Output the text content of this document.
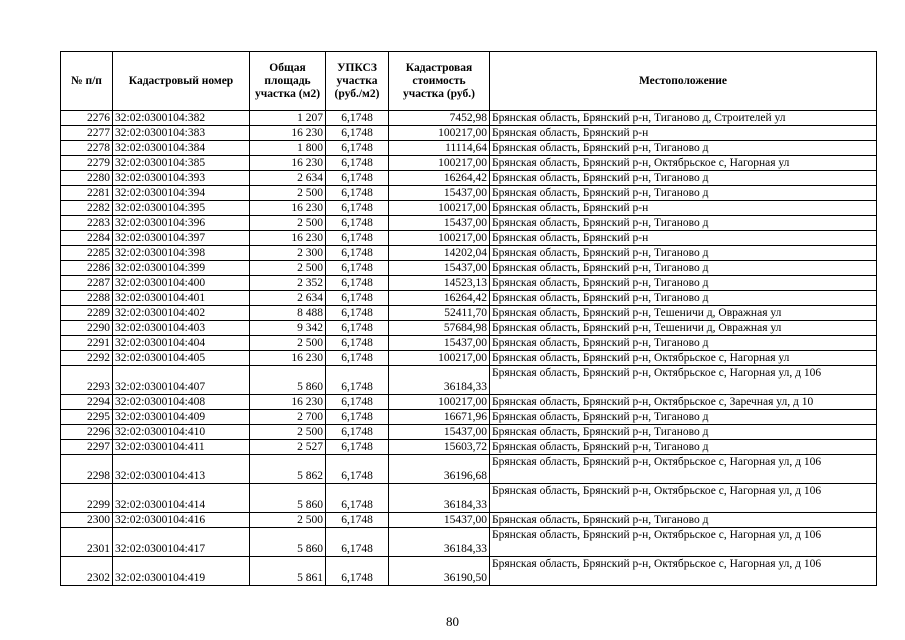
№ п/п	Кадастровый номер	Общая площадь участка (м2)	УПКСЗ участка (руб./м2)	Кадастровая стоимость участка (руб.)	Местоположение
2276	32:02:0300104:382	1 207	6,1748	7452,98	Брянская область, Брянский р-н, Тиганово д, Строителей ул
2277	32:02:0300104:383	16 230	6,1748	100217,00	Брянская область, Брянский р-н
2278	32:02:0300104:384	1 800	6,1748	11114,64	Брянская область, Брянский р-н, Тиганово д
2279	32:02:0300104:385	16 230	6,1748	100217,00	Брянская область, Брянский р-н, Октябрьское с, Нагорная ул
2280	32:02:0300104:393	2 634	6,1748	16264,42	Брянская область, Брянский р-н, Тиганово д
2281	32:02:0300104:394	2 500	6,1748	15437,00	Брянская область, Брянский р-н, Тиганово д
2282	32:02:0300104:395	16 230	6,1748	100217,00	Брянская область, Брянский р-н
2283	32:02:0300104:396	2 500	6,1748	15437,00	Брянская область, Брянский р-н, Тиганово д
2284	32:02:0300104:397	16 230	6,1748	100217,00	Брянская область, Брянский р-н
2285	32:02:0300104:398	2 300	6,1748	14202,04	Брянская область, Брянский р-н, Тиганово д
2286	32:02:0300104:399	2 500	6,1748	15437,00	Брянская область, Брянский р-н, Тиганово д
2287	32:02:0300104:400	2 352	6,1748	14523,13	Брянская область, Брянский р-н, Тиганово д
2288	32:02:0300104:401	2 634	6,1748	16264,42	Брянская область, Брянский р-н, Тиганово д
2289	32:02:0300104:402	8 488	6,1748	52411,70	Брянская область, Брянский р-н, Тешеничи д, Овражная ул
2290	32:02:0300104:403	9 342	6,1748	57684,98	Брянская область, Брянский р-н, Тешеничи д, Овражная ул
2291	32:02:0300104:404	2 500	6,1748	15437,00	Брянская область, Брянский р-н, Тиганово д
2292	32:02:0300104:405	16 230	6,1748	100217,00	Брянская область, Брянский р-н, Октябрьское с, Нагорная ул
2293	32:02:0300104:407	5 860	6,1748	36184,33	Брянская область, Брянский р-н, Октябрьское с, Нагорная ул, д 106
2294	32:02:0300104:408	16 230	6,1748	100217,00	Брянская область, Брянский р-н, Октябрьское с, Заречная ул, д 10
2295	32:02:0300104:409	2 700	6,1748	16671,96	Брянская область, Брянский р-н, Тиганово д
2296	32:02:0300104:410	2 500	6,1748	15437,00	Брянская область, Брянский р-н, Тиганово д
2297	32:02:0300104:411	2 527	6,1748	15603,72	Брянская область, Брянский р-н, Тиганово д
2298	32:02:0300104:413	5 862	6,1748	36196,68	Брянская область, Брянский р-н, Октябрьское с, Нагорная ул, д 106
2299	32:02:0300104:414	5 860	6,1748	36184,33	Брянская область, Брянский р-н, Октябрьское с, Нагорная ул, д 106
2300	32:02:0300104:416	2 500	6,1748	15437,00	Брянская область, Брянский р-н, Тиганово д
2301	32:02:0300104:417	5 860	6,1748	36184,33	Брянская область, Брянский р-н, Октябрьское с, Нагорная ул, д 106
2302	32:02:0300104:419	5 861	6,1748	36190,50	Брянская область, Брянский р-н, Октябрьское с, Нагорная ул, д 106
80
